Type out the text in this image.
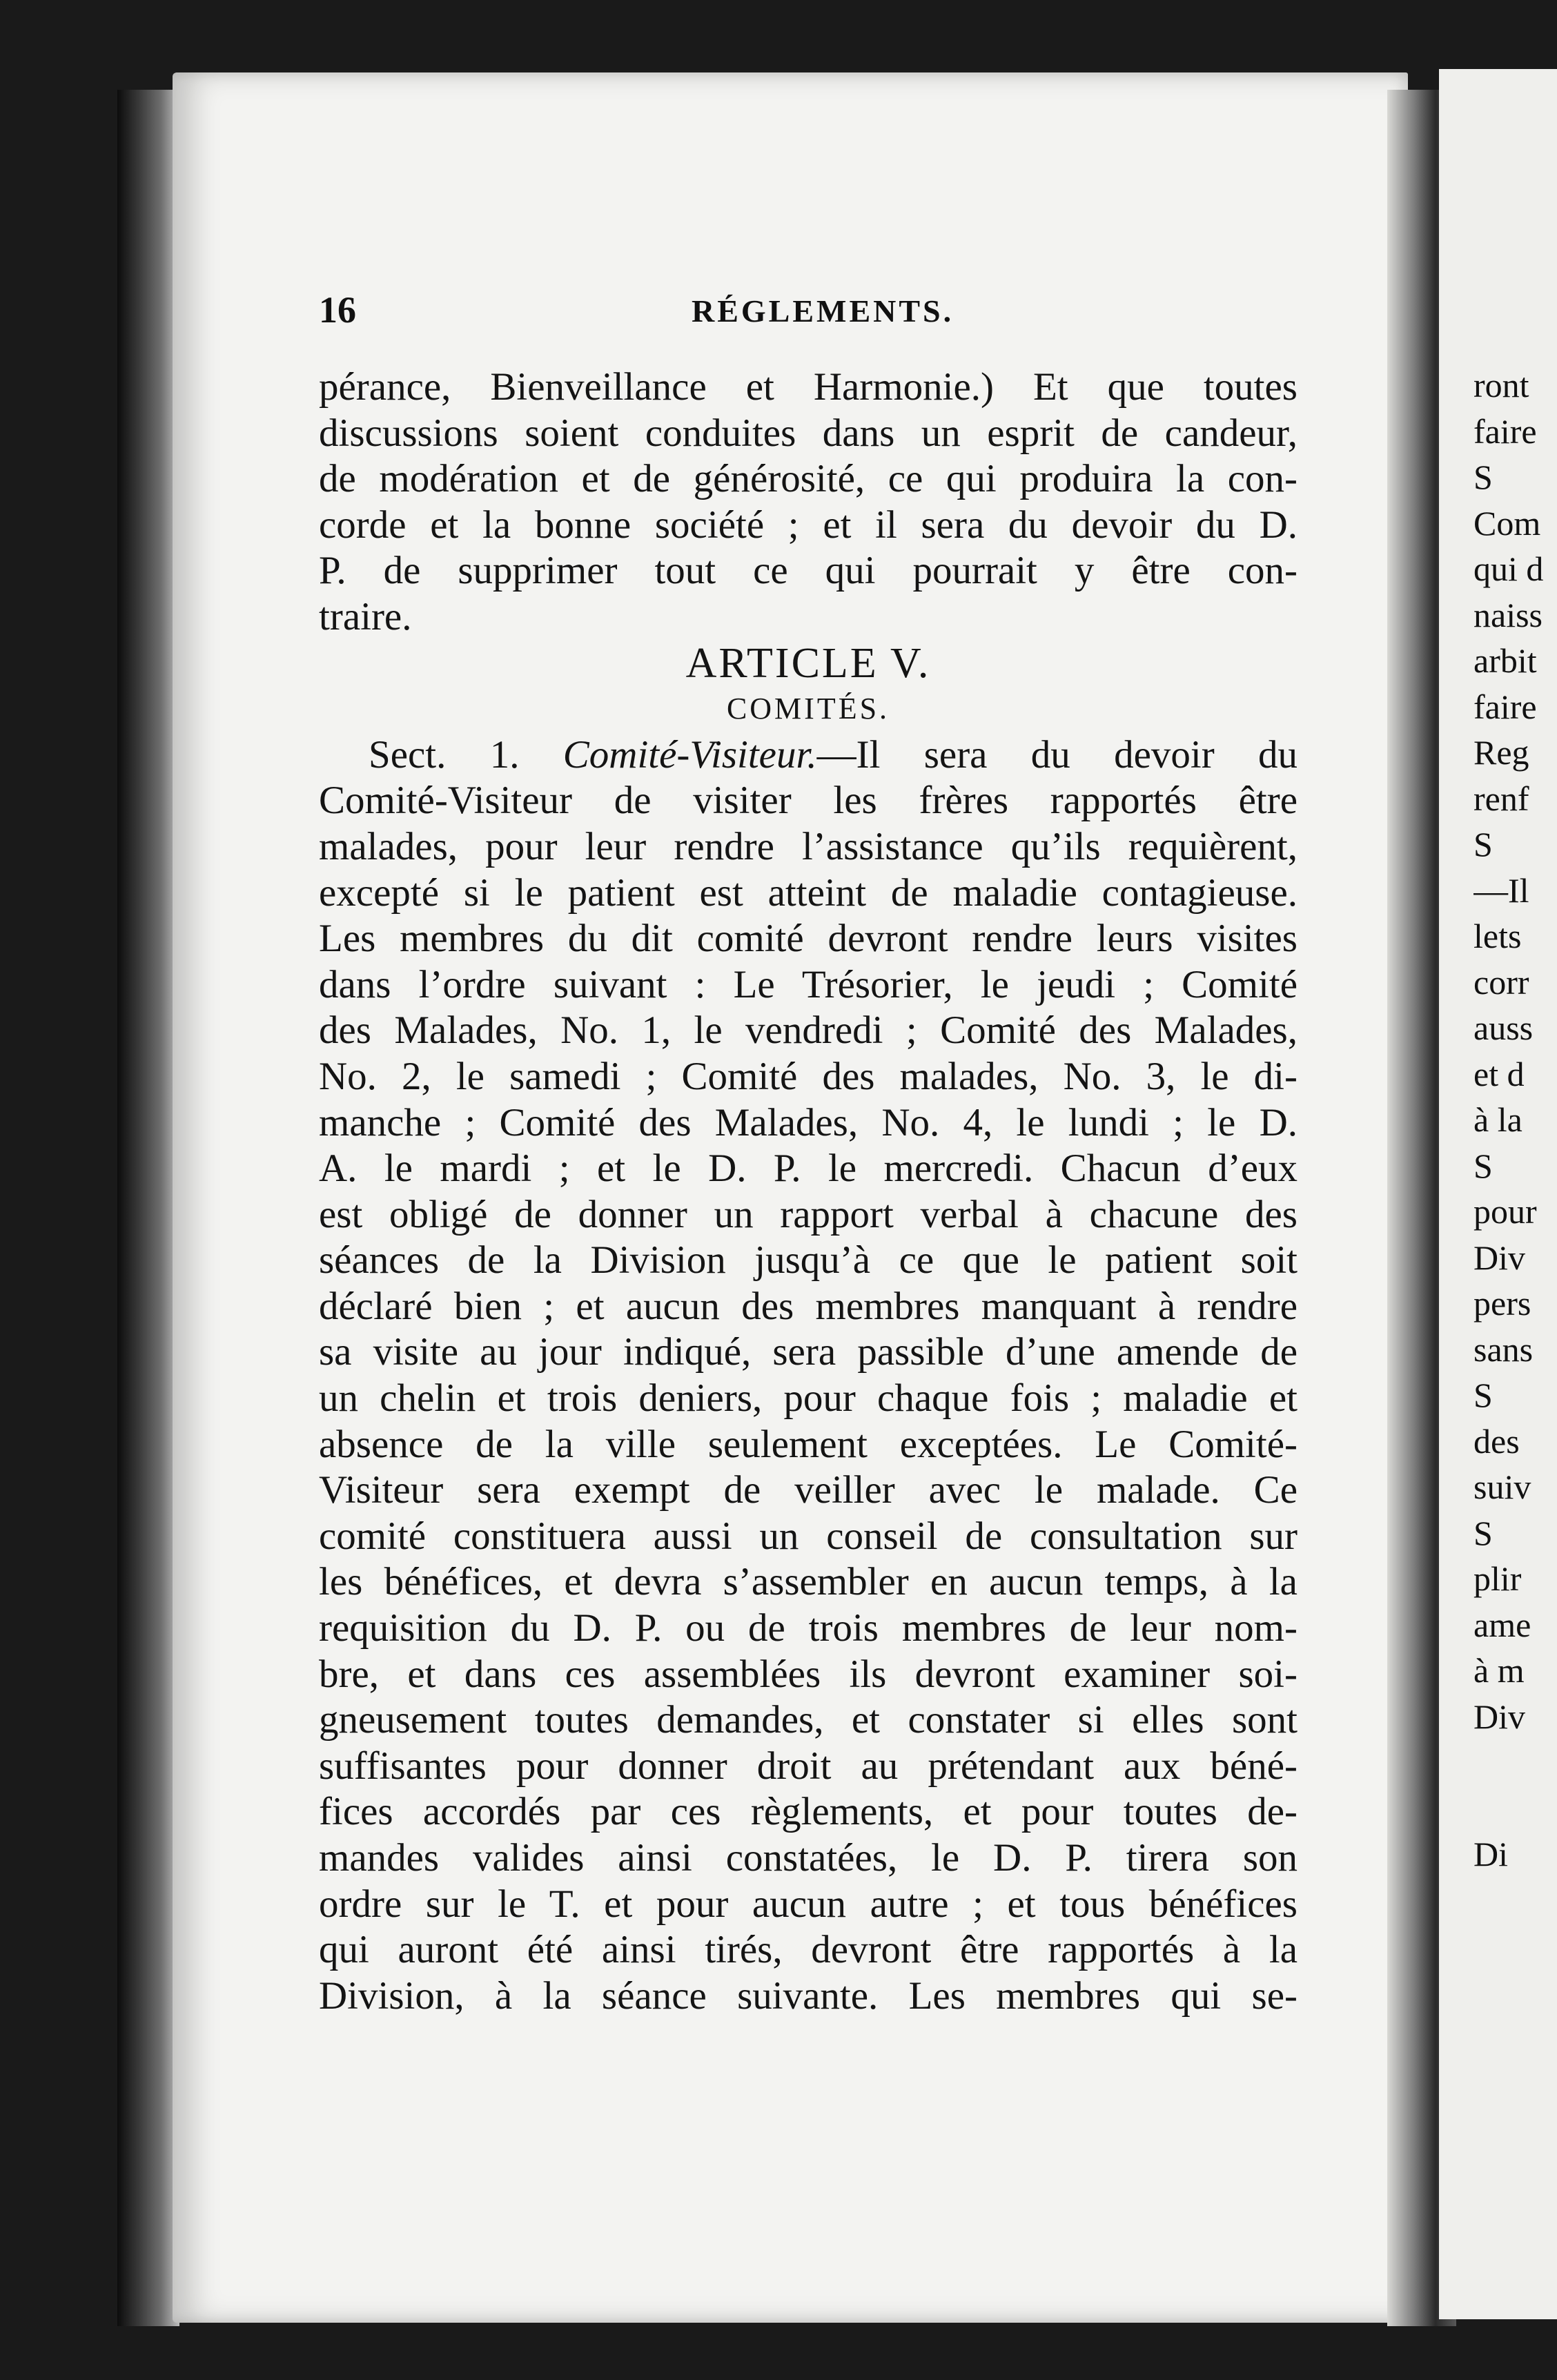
ront
faire
S
Com
qui d
naiss
arbit
faire
Reg
renf
S
—Il
lets
corr
auss
et d
à la
S
pour
Div
pers
sans
S
des
suiv
S
plir
ame
à m
Div
Di
16	RÉGLEMENTS.
pérance, Bienveillance et Harmonie.) Et que toutes
discussions soient conduites dans un esprit de candeur,
de modération et de générosité, ce qui produira la con-
corde et la bonne société ; et il sera du devoir du D.
P. de supprimer tout ce qui pourrait y être con-
traire.
ARTICLE V.
COMITÉS.
Sect. 1. Comité-Visiteur.—Il sera du devoir du
Comité-Visiteur de visiter les frères rapportés être
malades, pour leur rendre l’assistance qu’ils requièrent,
excepté si le patient est atteint de maladie contagieuse.
Les membres du dit comité devront rendre leurs visites
dans l’ordre suivant : Le Trésorier, le jeudi ; Comité
des Malades, No. 1, le vendredi ; Comité des Malades,
No. 2, le samedi ; Comité des malades, No. 3, le di-
manche ; Comité des Malades, No. 4, le lundi ; le D.
A. le mardi ; et le D. P. le mercredi. Chacun d’eux
est obligé de donner un rapport verbal à chacune des
séances de la Division jusqu’à ce que le patient soit
déclaré bien ; et aucun des membres manquant à rendre
sa visite au jour indiqué, sera passible d’une amende de
un chelin et trois deniers, pour chaque fois ; maladie et
absence de la ville seulement exceptées. Le Comité-
Visiteur sera exempt de veiller avec le malade. Ce
comité constituera aussi un conseil de consultation sur
les bénéfices, et devra s’assembler en aucun temps, à la
requisition du D. P. ou de trois membres de leur nom-
bre, et dans ces assemblées ils devront examiner soi-
gneusement toutes demandes, et constater si elles sont
suffisantes pour donner droit au prétendant aux béné-
fices accordés par ces règlements, et pour toutes de-
mandes valides ainsi constatées, le D. P. tirera son
ordre sur le T. et pour aucun autre ; et tous bénéfices
qui auront été ainsi tirés, devront être rapportés à la
Division, à la séance suivante. Les membres qui se-
